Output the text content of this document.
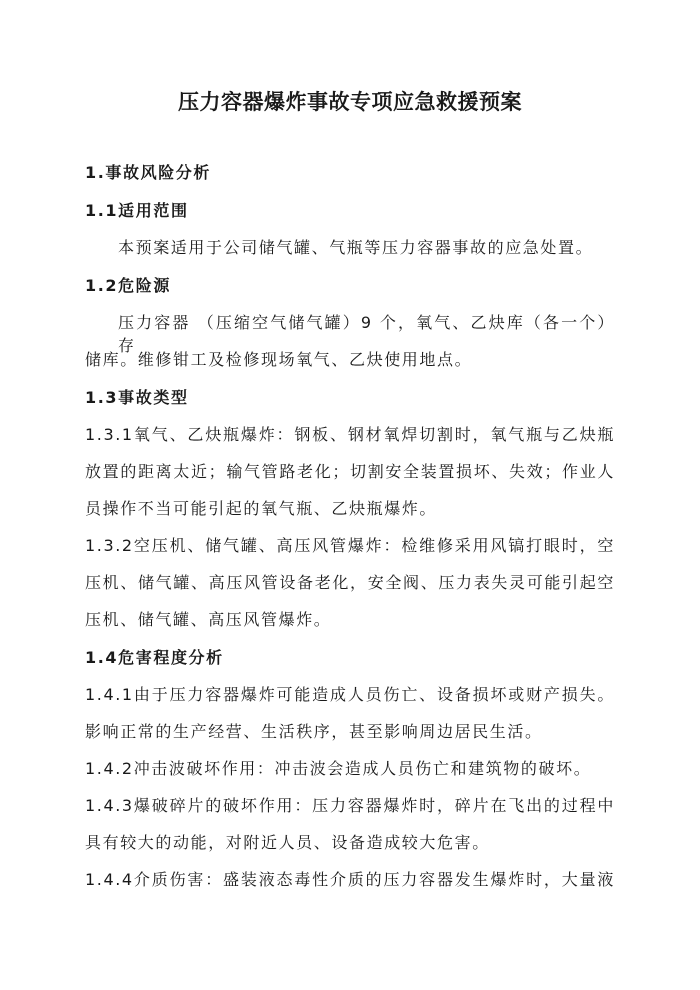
压力容器爆炸事故专项应急救援预案

1.事故风险分析

1.1适用范围

本预案适用于公司储气罐、气瓶等压力容器事故的应急处置。

1.2危险源

压力容器 （压缩空气储气罐）9 个，氧气、乙炔库（各一个）存

储库。维修钳工及检修现场氧气、乙炔使用地点。

1.3事故类型

1.3.1氧气、乙炔瓶爆炸：钢板、钢材氧焊切割时，氧气瓶与乙炔瓶

放置的距离太近；输气管路老化；切割安全装置损坏、失效；作业人

员操作不当可能引起的氧气瓶、乙炔瓶爆炸。

1.3.2空压机、储气罐、高压风管爆炸：检维修采用风镐打眼时，空

压机、储气罐、高压风管设备老化，安全阀、压力表失灵可能引起空

压机、储气罐、高压风管爆炸。

1.4危害程度分析

1.4.1由于压力容器爆炸可能造成人员伤亡、设备损坏或财产损失。

影响正常的生产经营、生活秩序，甚至影响周边居民生活。

1.4.2冲击波破坏作用：冲击波会造成人员伤亡和建筑物的破坏。

1.4.3爆破碎片的破坏作用：压力容器爆炸时，碎片在飞出的过程中

具有较大的动能，对附近人员、设备造成较大危害。

1.4.4介质伤害：盛装液态毒性介质的压力容器发生爆炸时，大量液
